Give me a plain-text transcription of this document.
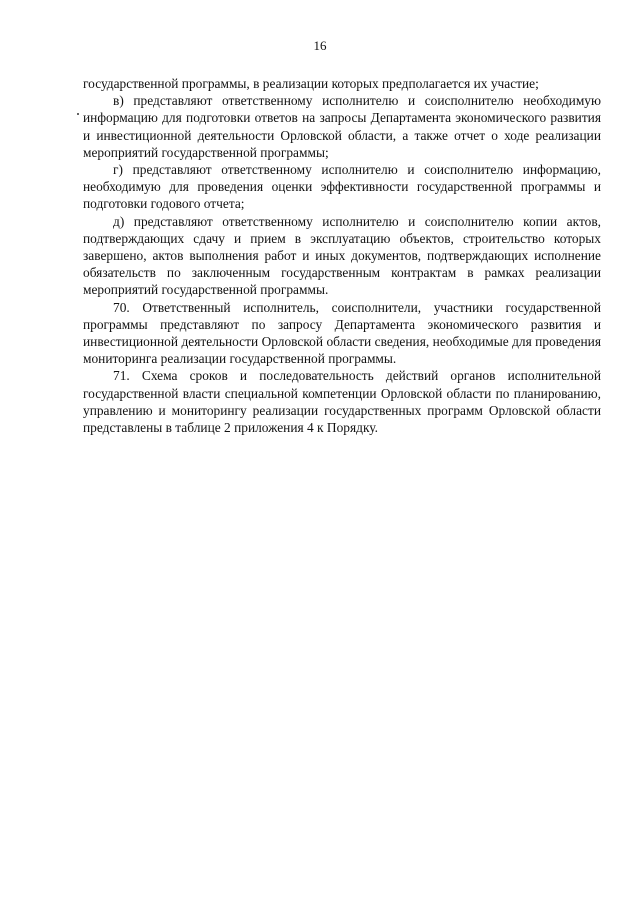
16

государственной программы, в реализации которых предполагается их участие;

в) представляют ответственному исполнителю и соисполнителю необходимую информацию для подготовки ответов на запросы Департамента экономического развития и инвестиционной деятельности Орловской области, а также отчет о ходе реализации мероприятий государственной программы;

г) представляют ответственному исполнителю и соисполнителю информацию, необходимую для проведения оценки эффективности государственной программы и подготовки годового отчета;

д) представляют ответственному исполнителю и соисполнителю копии актов, подтверждающих сдачу и прием в эксплуатацию объектов, строительство которых завершено, актов выполнения работ и иных документов, подтверждающих исполнение обязательств по заключенным государственным контрактам в рамках реализации мероприятий государственной программы.

70. Ответственный исполнитель, соисполнители, участники государственной программы представляют по запросу Департамента экономического развития и инвестиционной деятельности Орловской области сведения, необходимые для проведения мониторинга реализации государственной программы.

71. Схема сроков и последовательность действий органов исполнительной государственной власти специальной компетенции Орловской области по планированию, управлению и мониторингу реализации государственных программ Орловской области представлены в таблице 2 приложения 4 к Порядку.
